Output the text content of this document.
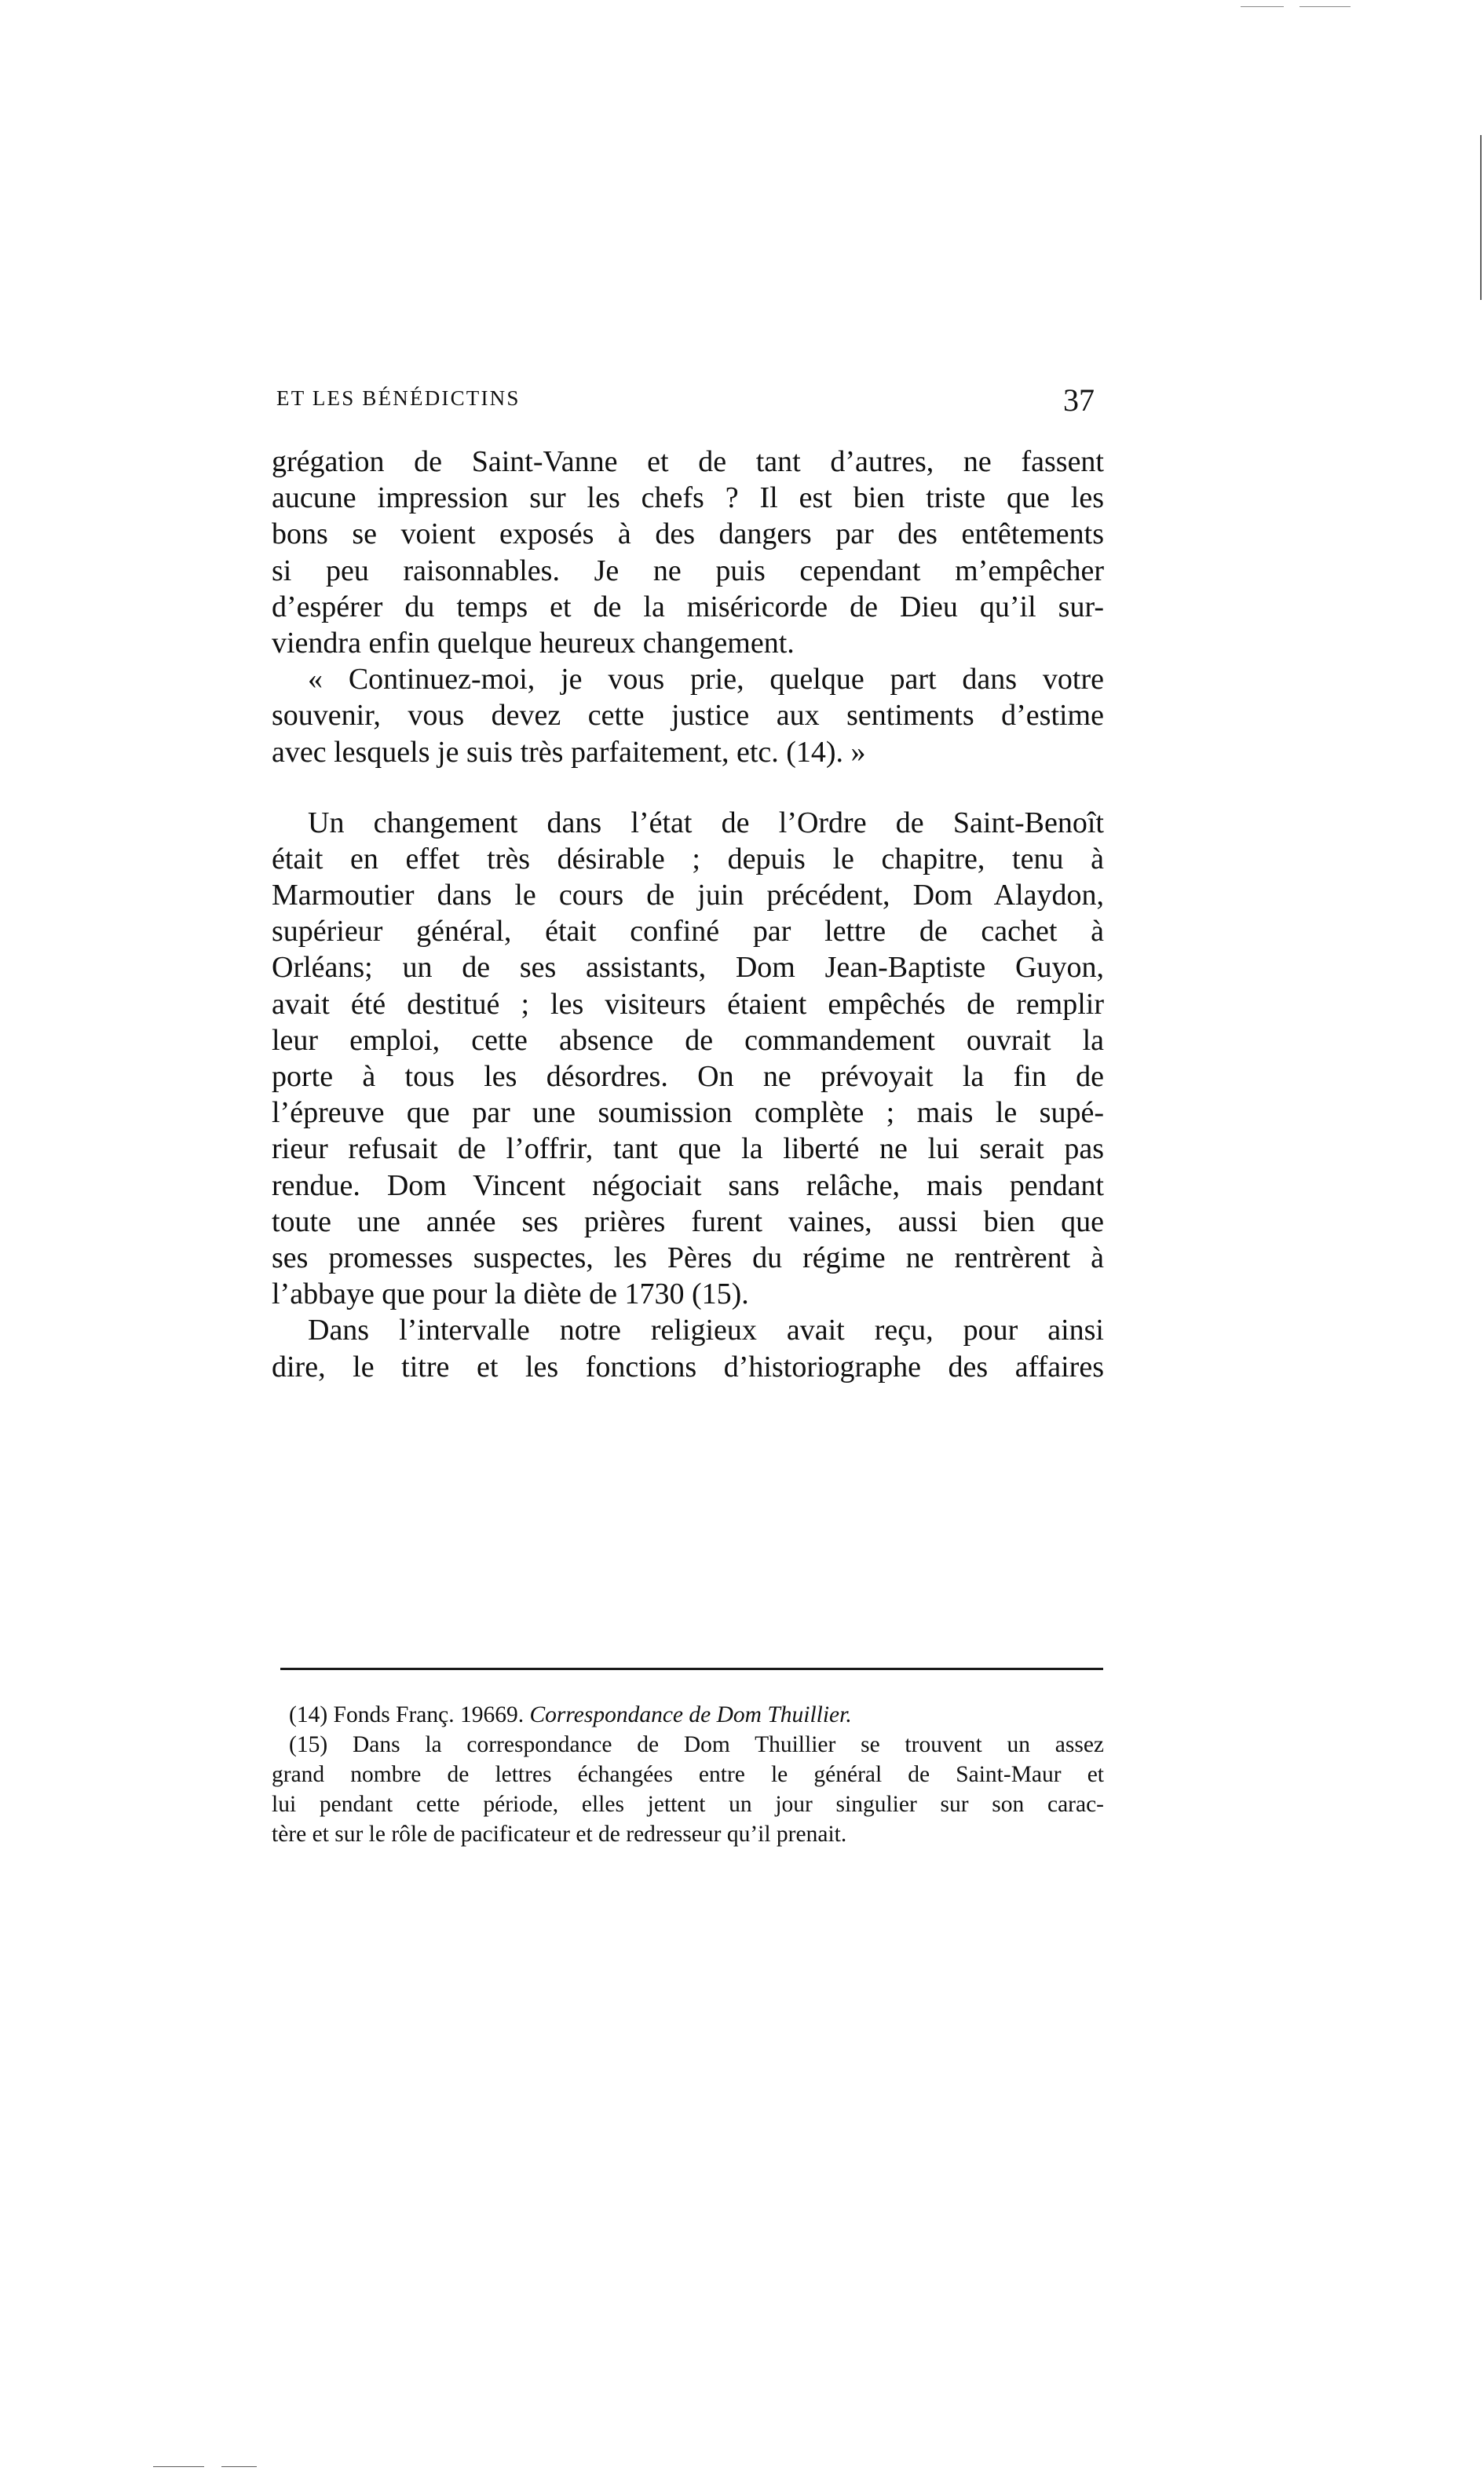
ET LES BÉNÉDICTINS	37
grégation de Saint-Vanne et de tant d’autres, ne fassent
aucune impression sur les chefs ? Il est bien triste que les
bons se voient exposés à des dangers par des entêtements
si peu raisonnables. Je ne puis cependant m’empêcher
d’espérer du temps et de la miséricorde de Dieu qu’il sur-
viendra enfin quelque heureux changement.
« Continuez-moi, je vous prie, quelque part dans votre
souvenir, vous devez cette justice aux sentiments d’estime
avec lesquels je suis très parfaitement, etc. (14). »
Un changement dans l’état de l’Ordre de Saint-Benoît
était en effet très désirable ; depuis le chapitre, tenu à
Marmoutier dans le cours de juin précédent, Dom Alaydon,
supérieur général, était confiné par lettre de cachet à
Orléans; un de ses assistants, Dom Jean-Baptiste Guyon,
avait été destitué ; les visiteurs étaient empêchés de remplir
leur emploi, cette absence de commandement ouvrait la
porte à tous les désordres. On ne prévoyait la fin de
l’épreuve que par une soumission complète ; mais le supé-
rieur refusait de l’offrir, tant que la liberté ne lui serait pas
rendue. Dom Vincent négociait sans relâche, mais pendant
toute une année ses prières furent vaines, aussi bien que
ses promesses suspectes, les Pères du régime ne rentrèrent à
l’abbaye que pour la diète de 1730 (15).
Dans l’intervalle notre religieux avait reçu, pour ainsi
dire, le titre et les fonctions d’historiographe des affaires
(14) Fonds Franç. 19669. Correspondance de Dom Thuillier.
(15) Dans la correspondance de Dom Thuillier se trouvent un assez
grand nombre de lettres échangées entre le général de Saint-Maur et
lui pendant cette période, elles jettent un jour singulier sur son carac-
tère et sur le rôle de pacificateur et de redresseur qu’il prenait.
